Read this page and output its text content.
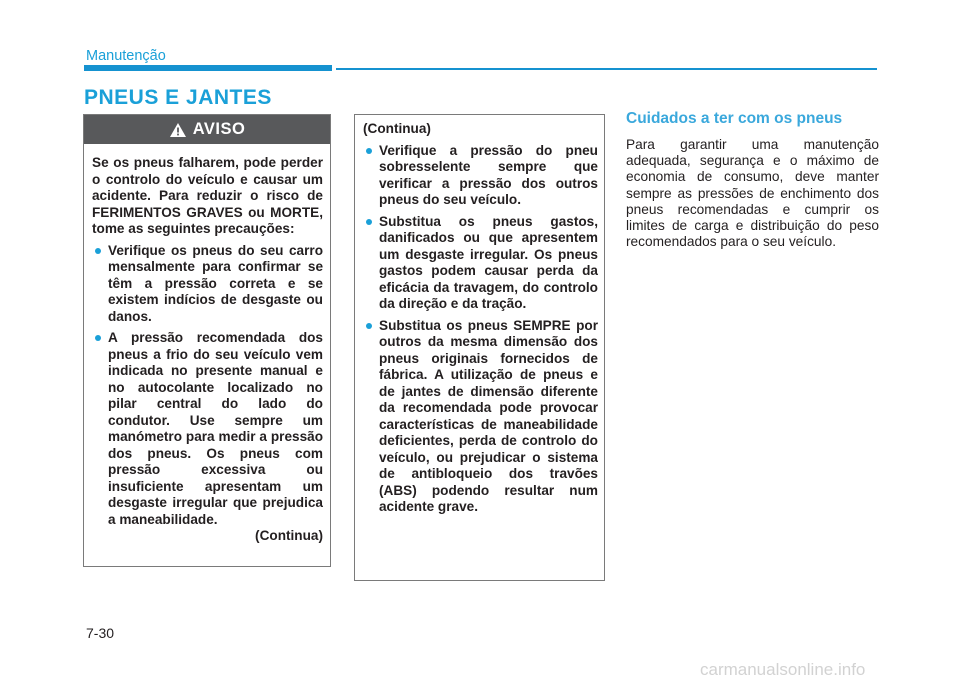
Manutenção
PNEUS E JANTES
AVISO

Se os pneus falharem, pode perder o controlo do veículo e causar um acidente. Para reduzir o risco de FERIMENTOS GRAVES ou MORTE, tome as seguintes precauções:

Verifique os pneus do seu carro mensalmente para confirmar se têm a pressão correta e se existem indícios de desgaste ou danos.
A pressão recomendada dos pneus a frio do seu veículo vem indicada no presente manual e no autocolante localizado no pilar central do lado do condutor. Use sempre um manómetro para medir a pressão dos pneus. Os pneus com pressão excessiva ou insuficiente apresentam um desgaste irregular que prejudica a maneabilidade.

(Continua)

(Continua)

Verifique a pressão do pneu sobresselente sempre que verificar a pressão dos outros pneus do seu veículo.
Substitua os pneus gastos, danificados ou que apresentem um desgaste irregular. Os pneus gastos podem causar perda da eficácia da travagem, do controlo da direção e da tração.
Substitua os pneus SEMPRE por outros da mesma dimensão dos pneus originais fornecidos de fábrica. A utilização de pneus e de jantes de dimensão diferente da recomendada pode provocar características de maneabilidade deficientes, perda de controlo do veículo, ou prejudicar o sistema de antibloqueio dos travões (ABS) podendo resultar num acidente grave.
Cuidados a ter com os pneus
Para garantir uma manutenção adequada, segurança e o máximo de economia de consumo, deve manter sempre as pressões de enchimento dos pneus recomendadas e cumprir os limites de carga e distribuição do peso recomendados para o seu veículo.
7-30
carmanualsonline.info
